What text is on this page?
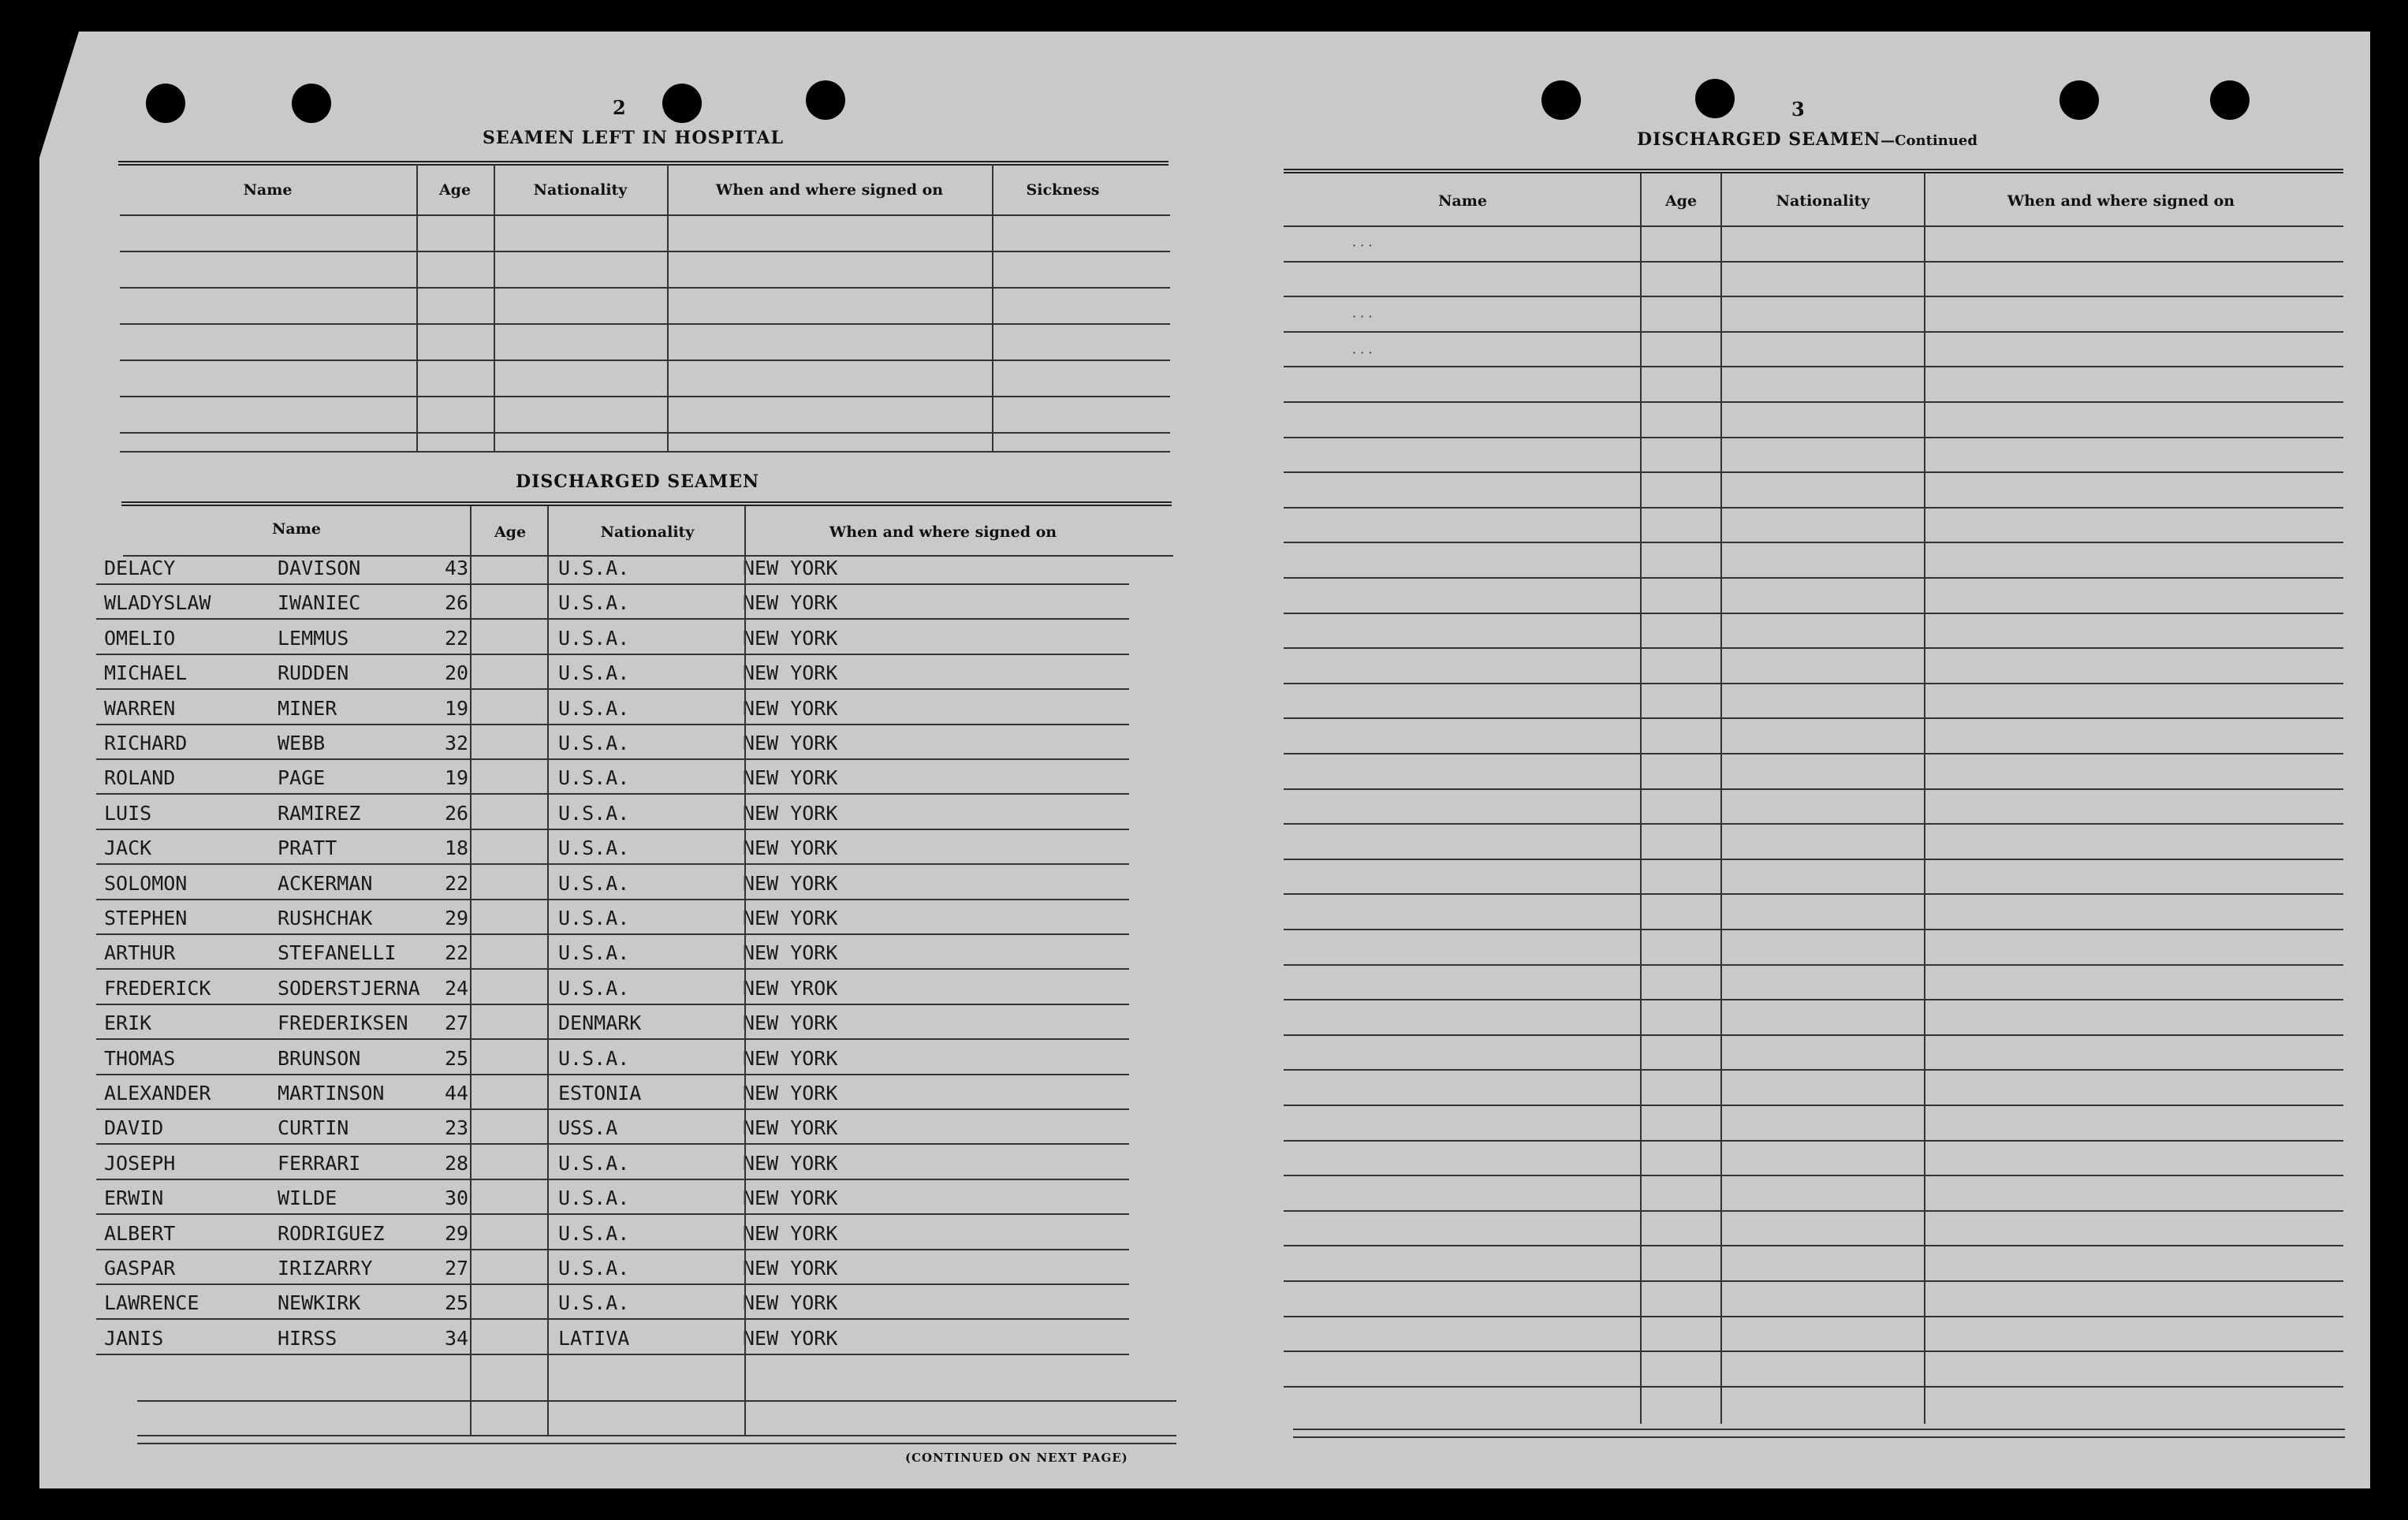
2
SEAMEN LEFT IN HOSPITAL
Name	Age	Nationality	When and where signed on	Sickness
DISCHARGED SEAMEN
Name	Age	Nationality	When and where signed on
DELACY	DAVISON	43	U.S.A.	NEW YORK
WLADYSLAW	IWANIEC	26	U.S.A.	NEW YORK
OMELIO	LEMMUS	22	U.S.A.	NEW YORK
MICHAEL	RUDDEN	20	U.S.A.	NEW YORK
WARREN	MINER	19	U.S.A.	NEW YORK
RICHARD	WEBB	32	U.S.A.	NEW YORK
ROLAND	PAGE	19	U.S.A.	NEW YORK
LUIS	RAMIREZ	26	U.S.A.	NEW YORK
JACK	PRATT	18	U.S.A.	NEW YORK
SOLOMON	ACKERMAN	22	U.S.A.	NEW YORK
STEPHEN	RUSHCHAK	29	U.S.A.	NEW YORK
ARTHUR	STEFANELLI 22	U.S.A.	NEW YORK
FREDERICK	SODERSTJERNA 24	U.S.A.	NEW YROK
ERIK	FREDERIKSEN 27	DENMARK	NEW YORK
THOMAS	BRUNSON	25	U.S.A.	NEW YORK
ALEXANDER	MARTINSON	44	ESTONIA	NEW YORK
DAVID	CURTIN	23	USS.A	NEW YORK
JOSEPH	FERRARI	28	U.S.A.	NEW YORK
ERWIN	WILDE	30	U.S.A.	NEW YORK
ALBERT	RODRIGUEZ	29	U.S.A.	NEW YORK
GASPAR	IRIZARRY	27	U.S.A.	NEW YORK
LAWRENCE	NEWKIRK	25	U.S.A.	NEW YORK
JANIS	HIRSS	34	LATIVA	NEW YORK
(CONTINUED ON NEXT PAGE)
3
DISCHARGED SEAMEN—Continued
Name	Age	Nationality	When and where signed on
· · ·
· · ·
· · ·
